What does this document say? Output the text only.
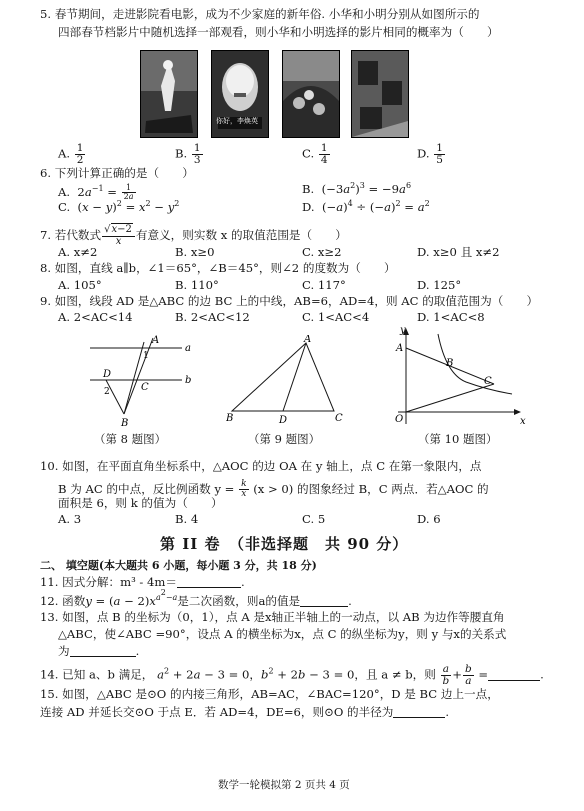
5. 春节期间，走进影院看电影，成为不少家庭的新年俗. 小华和小明分别从如图所示的
四部春节档影片中随机选择一部观看，则小华和小明选择的影片相同的概率为（　　）
你好，李焕英
A. $\frac{1}{2}$	B. $\frac{1}{3}$	C. $\frac{1}{4}$	D. $\frac{1}{5}$
6. 下列计算正确的是（　　）
A.  $2a^{-1} = \frac{1}{2a}$	B.  $(-3a^2)^3 = -9a^6$
C.  $(x - y)^2 = x^2 - y^2$	D.  $(-a)^4 \div (-a)^2 = a^2$
7. 若代数式 $\frac{√x-2}{x}$ 有意义，则实数 x 的取值范围是（　　）
A. x≠2	B. x≥0	C. x≥2	D. x≥0 且 x≠2
8. 如图，直线 a∥b，∠1＝65°，∠B＝45°，则∠2 的度数为（　　）
A. 105°	B. 110°	C. 117°	D. 125°
9. 如图，线段 AD 是△ABC 的边 BC 上的中线，AB=6，AD=4，则 AC 的取值范围为（　　）
A. 2<AC<14	B. 2<AC<12	C. 1<AC<4	D. 1<AC<8
a
b
A
B
C
D
1
2
（第 8 题图）
A
B	C
D
（第 9 题图）
y
x
O
A
B
C
（第 10 题图）
10. 如图，在平面直角坐标系中，△AOC 的边 OA 在 y 轴上，点 C 在第一象限内，点
B 为 AC 的中点，反比例函数 $y = \frac{k}{x} (x > 0)$ 的图象经过 B，C 两点．若△AOC 的
面积是 6，则 k 的值为（　　）
A. 3	B. 4	C. 5	D. 6
第 II 卷　（非选择题　共 90 分）
二、 填空题(本大题共 6 小题，每小题 3 分，共 18 分)
11. 因式分解：m³ - 4m＝	.
12. 函数$y = (a - 2)x^{a^2-a}$是二次函数，则a的值是	.
13. 如图，点 B 的坐标为（0，1），点 A 是x轴正半轴上的一动点，以 AB 为边作等腰直角
△ABC，使∠ABC =90°，设点 A 的横坐标为x，点 C 的纵坐标为y，则 y 与x的关系式
为	.
14. 已知 a、b 满足， $a^2 + 2a - 3 = 0$，$b^2 + 2b - 3 = 0$，且 a ≠ b，则 $\frac{a}{b} + \frac{b}{a}$ =	.
15. 如图，△ABC 是⊙O 的内接三角形，AB=AC，∠BAC=120°，D 是 BC 边上一点，
连接 AD 并延长交⊙O 于点 E．若 AD=4，DE=6，则⊙O 的半径为	.
数学一轮模拟第 2 页共 4 页
